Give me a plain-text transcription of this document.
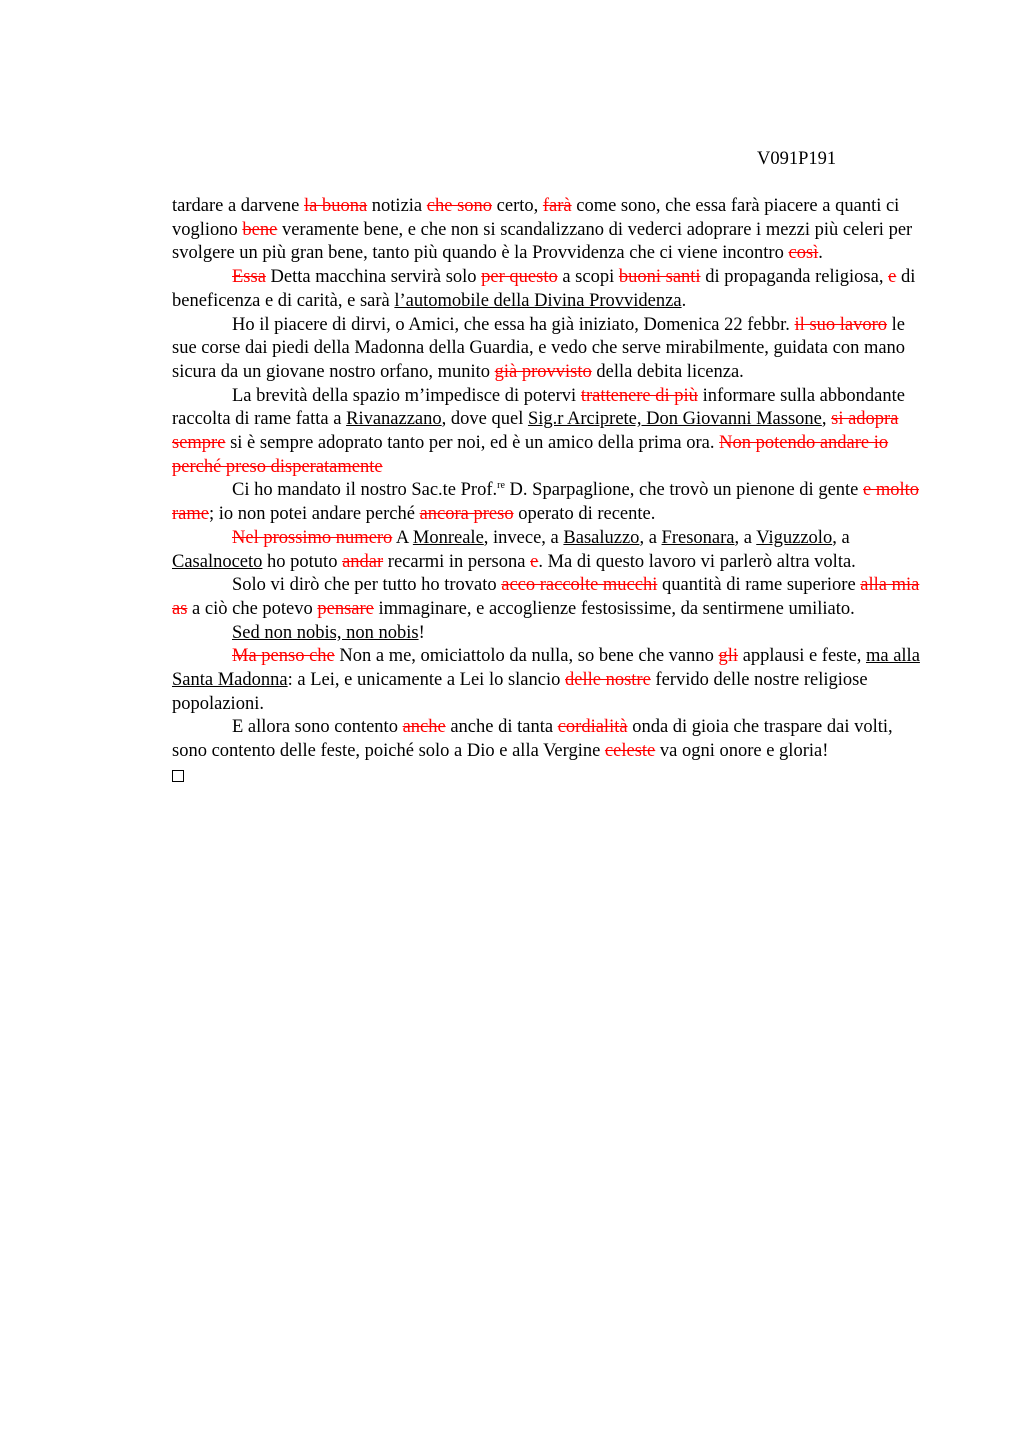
V091P191

tardare a darvene la buona notizia che sono certo, farà come sono, che essa farà piacere a quanti ci vogliono bene veramente bene, e che non si scandalizzano di vederci adoprare i mezzi più celeri per svolgere un più gran bene, tanto più quando è la Provvidenza che ci viene incontro così.

Essa Detta macchina servirà solo per questo a scopi buoni santi di propaganda religiosa, e di beneficenza e di carità, e sarà l’automobile della Divina Provvidenza.

Ho il piacere di dirvi, o Amici, che essa ha già iniziato, Domenica 22 febbr. il suo lavoro le sue corse dai piedi della Madonna della Guardia, e vedo che serve mirabilmente, guidata con mano sicura da un giovane nostro orfano, munito già provvisto della debita licenza.

La brevità della spazio m’impedisce di potervi trattenere di più informare sulla abbondante raccolta di rame fatta a Rivanazzano, dove quel Sig.r Arciprete, Don Giovanni Massone, si adopra sempre si è sempre adoprato tanto per noi, ed è un amico della prima ora. Non potendo andare io perché preso disperatamente

Ci ho mandato il nostro Sac.te Prof.$^{re}$ D. Sparpaglione, che trovò un pienone di gente e molto rame; io non potei andare perché ancora preso operato di recente.

Nel prossimo numero A Monreale, invece, a Basaluzzo, a Fresonara, a Viguzzolo, a Casalnoceto ho potuto andar recarmi in persona e. Ma di questo lavoro vi parlerò altra volta.

Solo vi dirò che per tutto ho trovato acco raccolte mucchi quantità di rame superiore alla mia as a ciò che potevo pensare immaginare, e accoglienze festosissime, da sentirmene umiliato.

Sed non nobis, non nobis!

Ma penso che Non a me, omiciattolo da nulla, so bene che vanno gli applausi e feste, ma alla Santa Madonna: a Lei, e unicamente a Lei lo slancio delle nostre fervido delle nostre religiose popolazioni.

E allora sono contento anche anche di tanta cordialità onda di gioia che traspare dai volti, sono contento delle feste, poiché solo a Dio e alla Vergine celeste va ogni onore e gloria!
